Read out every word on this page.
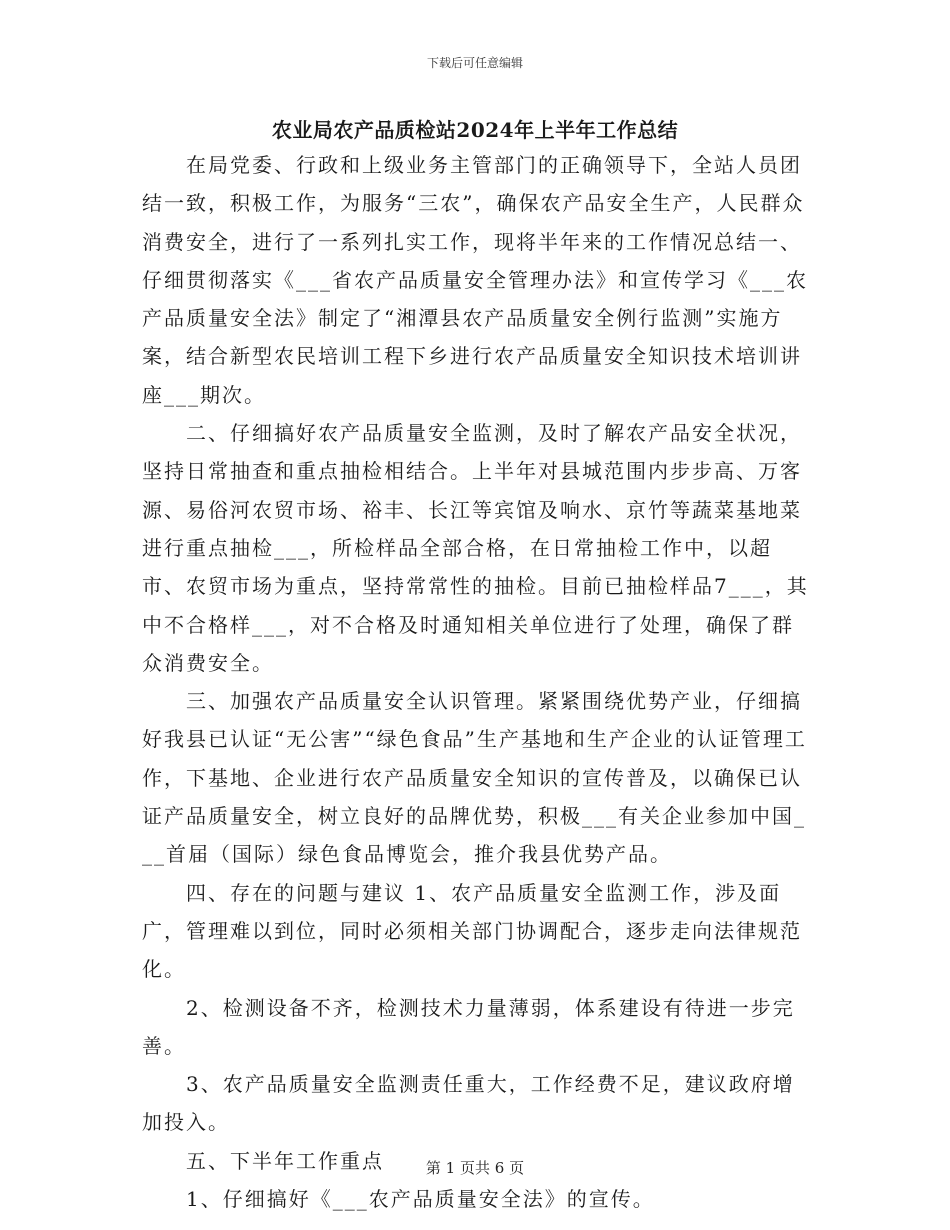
下载后可任意编辑
农业局农产品质检站2024年上半年工作总结

在局党委、行政和上级业务主管部门的正确领导下，全站人员团结一致，积极工作，为服务“三农”，确保农产品安全生产，人民群众消费安全，进行了一系列扎实工作，现将半年来的工作情况总结一、仔细贯彻落实《___省农产品质量安全管理办法》和宣传学习《___农产品质量安全法》制定了“湘潭县农产品质量安全例行监测”实施方案，结合新型农民培训工程下乡进行农产品质量安全知识技术培训讲座___期次。

二、仔细搞好农产品质量安全监测，及时了解农产品安全状况，坚持日常抽查和重点抽检相结合。上半年对县城范围内步步高、万客源、易俗河农贸市场、裕丰、长江等宾馆及响水、京竹等蔬菜基地菜进行重点抽检___，所检样品全部合格，在日常抽检工作中，以超市、农贸市场为重点，坚持常常性的抽检。目前已抽检样品7___，其中不合格样___，对不合格及时通知相关单位进行了处理，确保了群众消费安全。

三、加强农产品质量安全认识管理。紧紧围绕优势产业，仔细搞好我县已认证“无公害”“绿色食品”生产基地和生产企业的认证管理工作，下基地、企业进行农产品质量安全知识的宣传普及，以确保已认证产品质量安全，树立良好的品牌优势，积极___有关企业参加中国___首届（国际）绿色食品博览会，推介我县优势产品。

四、存在的问题与建议 1、农产品质量安全监测工作，涉及面广，管理难以到位，同时必须相关部门协调配合，逐步走向法律规范化。

2、检测设备不齐，检测技术力量薄弱，体系建设有待进一步完善。

3、农产品质量安全监测责任重大，工作经费不足，建议政府增加投入。

五、下半年工作重点

1、仔细搞好《___农产品质量安全法》的宣传。

第 1 页共 6 页
